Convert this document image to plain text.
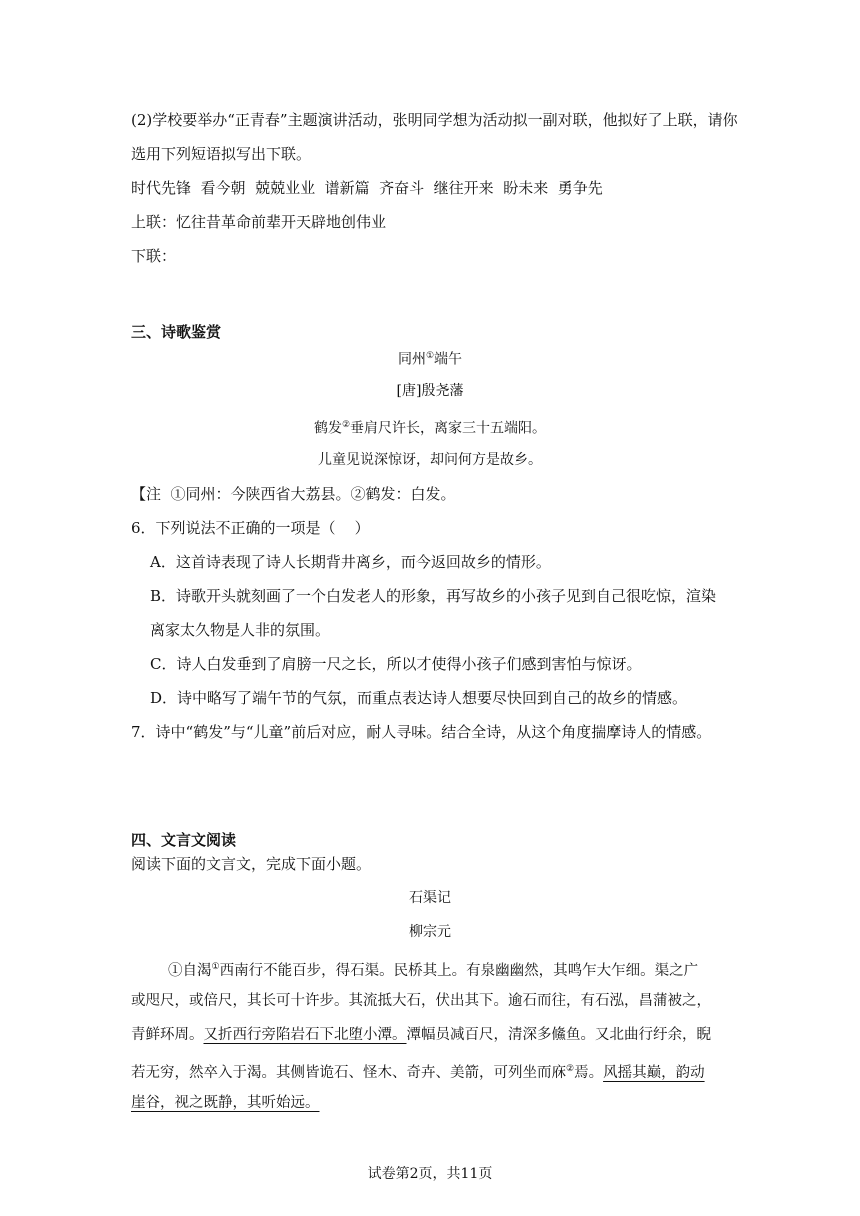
(2)学校要举办“正青春”主题演讲活动，张明同学想为活动拟一副对联，他拟好了上联，请你
选用下列短语拟写出下联。
时代先锋  看今朝  兢兢业业  谱新篇  齐奋斗  继往开来  盼未来  勇争先
上联：忆往昔革命前辈开天辟地创伟业
下联：
三、诗歌鉴赏
同州①端午
[唐]殷尧藩
鹤发②垂肩尺许长，离家三十五端阳。
儿童见说深惊讶，却问何方是故乡。
【注  ①同州：今陕西省大荔县。②鹤发：白发。
6．下列说法不正确的一项是（    ）
A．这首诗表现了诗人长期背井离乡，而今返回故乡的情形。
B．诗歌开头就刻画了一个白发老人的形象，再写故乡的小孩子见到自己很吃惊，渲染
离家太久物是人非的氛围。
C．诗人白发垂到了肩膀一尺之长，所以才使得小孩子们感到害怕与惊讶。
D．诗中略写了端午节的气氛，而重点表达诗人想要尽快回到自己的故乡的情感。
7．诗中“鹤发”与“儿童”前后对应，耐人寻味。结合全诗，从这个角度揣摩诗人的情感。
四、文言文阅读
阅读下面的文言文，完成下面小题。
石渠记
柳宗元
①自渴①西南行不能百步，得石渠。民桥其上。有泉幽幽然，其鸣乍大乍细。渠之广
或咫尺，或倍尺，其长可十许步。其流抵大石，伏出其下。逾石而往，有石泓，昌蒲被之，
青鲜环周。又折西行旁陷岩石下北堕小潭。潭幅员减百尺，清深多鯈鱼。又北曲行纡余，睨
若无穷，然卒入于渴。其侧皆诡石、怪木、奇卉、美箭，可列坐而庥②焉。风摇其巅，韵动
崖谷，视之既静，其听始远。
试卷第2页，共11页
